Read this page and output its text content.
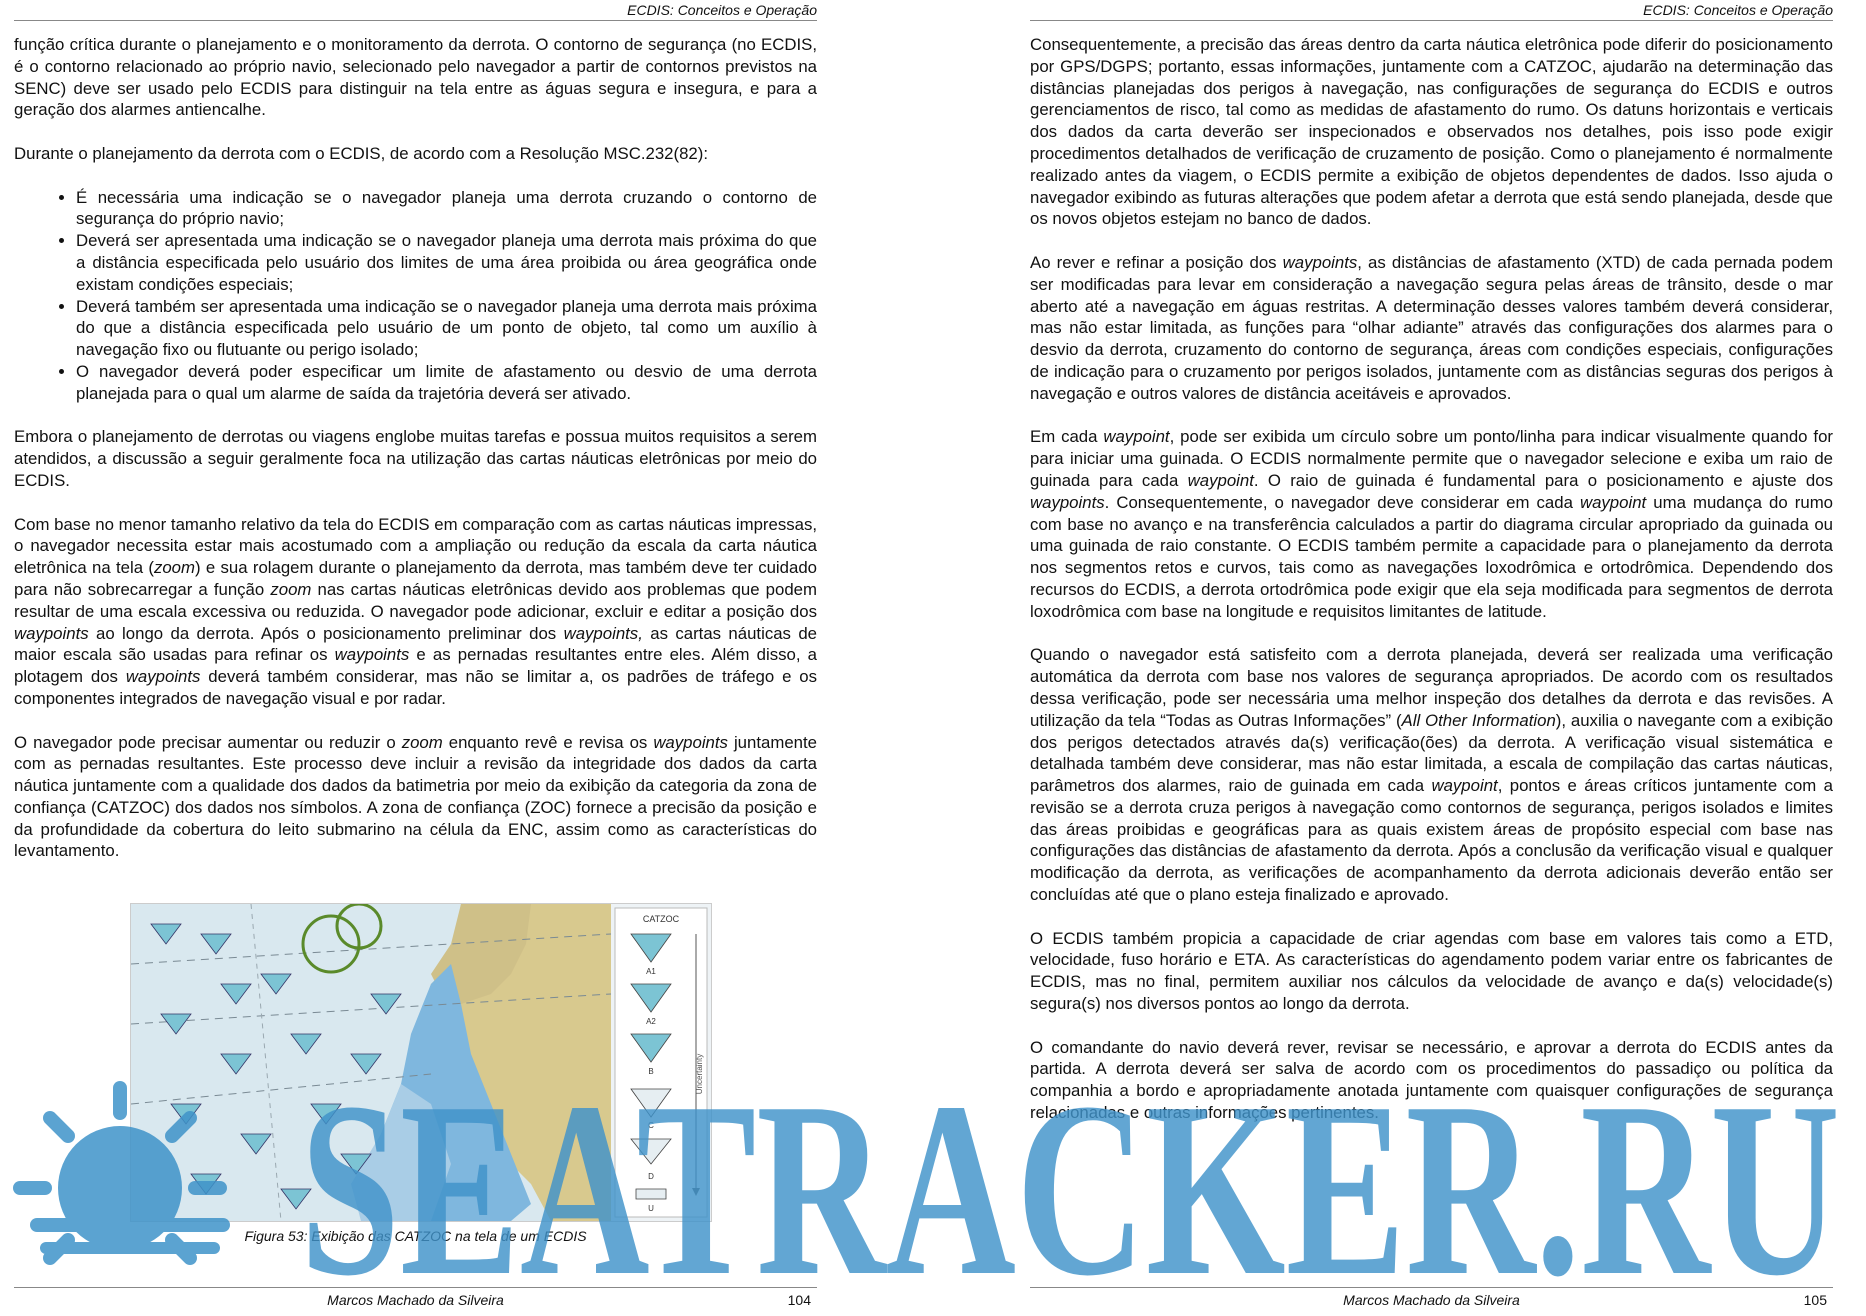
ECDIS: Conceitos e Operação

função crítica durante o planejamento e o monitoramento da derrota. O contorno de segurança (no ECDIS, é o contorno relacionado ao próprio navio, selecionado pelo navegador a partir de contornos previstos na SENC) deve ser usado pelo ECDIS para distinguir na tela entre as águas segura e insegura, e para a geração dos alarmes antiencalhe.

Durante o planejamento da derrota com o ECDIS, de acordo com a Resolução MSC.232(82):

• É necessária uma indicação se o navegador planeja uma derrota cruzando o contorno de segurança do próprio navio;
• Deverá ser apresentada uma indicação se o navegador planeja uma derrota mais próxima do que a distância especificada pelo usuário dos limites de uma área proibida ou área geográfica onde existam condições especiais;
• Deverá também ser apresentada uma indicação se o navegador planeja uma derrota mais próxima do que a distância especificada pelo usuário de um ponto de objeto, tal como um auxílio à navegação fixo ou flutuante ou perigo isolado;
• O navegador deverá poder especificar um limite de afastamento ou desvio de uma derrota planejada para o qual um alarme de saída da trajetória deverá ser ativado.

Embora o planejamento de derrotas ou viagens englobe muitas tarefas e possua muitos requisitos a serem atendidos, a discussão a seguir geralmente foca na utilização das cartas náuticas eletrônicas por meio do ECDIS.

Com base no menor tamanho relativo da tela do ECDIS em comparação com as cartas náuticas impressas, o navegador necessita estar mais acostumado com a ampliação ou redução da escala da carta náutica eletrônica na tela (zoom) e sua rolagem durante o planejamento da derrota, mas também deve ter cuidado para não sobrecarregar a função zoom nas cartas náuticas eletrônicas devido aos problemas que podem resultar de uma escala excessiva ou reduzida. O navegador pode adicionar, excluir e editar a posição dos waypoints ao longo da derrota. Após o posicionamento preliminar dos waypoints, as cartas náuticas de maior escala são usadas para refinar os waypoints e as pernadas resultantes entre eles. Além disso, a plotagem dos waypoints deverá também considerar, mas não se limitar a, os padrões de tráfego e os componentes integrados de navegação visual e por radar.

O navegador pode precisar aumentar ou reduzir o zoom enquanto revê e revisa os waypoints juntamente com as pernadas resultantes. Este processo deve incluir a revisão da integridade dos dados da carta náutica juntamente com a qualidade dos dados da batimetria por meio da exibição da categoria da zona de confiança (CATZOC) dos dados nos símbolos. A zona de confiança (ZOC) fornece a precisão da posição e da profundidade da cobertura do leito submarino na célula da ENC, assim como as características do levantamento.

CATZOC
A1
A2
B
C
D
U
Uncertainty
Figura 53: Exibição das CATZOC na tela de um ECDIS
Marcos Machado da Silveira	104
ECDIS: Conceitos e Operação

Consequentemente, a precisão das áreas dentro da carta náutica eletrônica pode diferir do posicionamento por GPS/DGPS; portanto, essas informações, juntamente com a CATZOC, ajudarão na determinação das distâncias planejadas dos perigos à navegação, nas configurações de segurança do ECDIS e outros gerenciamentos de risco, tal como as medidas de afastamento do rumo. Os datuns horizontais e verticais dos dados da carta deverão ser inspecionados e observados nos detalhes, pois isso pode exigir procedimentos detalhados de verificação de cruzamento de posição. Como o planejamento é normalmente realizado antes da viagem, o ECDIS permite a exibição de objetos dependentes de dados. Isso ajuda o navegador exibindo as futuras alterações que podem afetar a derrota que está sendo planejada, desde que os novos objetos estejam no banco de dados.

Ao rever e refinar a posição dos waypoints, as distâncias de afastamento (XTD) de cada pernada podem ser modificadas para levar em consideração a navegação segura pelas áreas de trânsito, desde o mar aberto até a navegação em águas restritas. A determinação desses valores também deverá considerar, mas não estar limitada, as funções para “olhar adiante” através das configurações dos alarmes para o desvio da derrota, cruzamento do contorno de segurança, áreas com condições especiais, configurações de indicação para o cruzamento por perigos isolados, juntamente com as distâncias seguras dos perigos à navegação e outros valores de distância aceitáveis e aprovados.

Em cada waypoint, pode ser exibida um círculo sobre um ponto/linha para indicar visualmente quando for para iniciar uma guinada. O ECDIS normalmente permite que o navegador selecione e exiba um raio de guinada para cada waypoint. O raio de guinada é fundamental para o posicionamento e ajuste dos waypoints. Consequentemente, o navegador deve considerar em cada waypoint uma mudança do rumo com base no avanço e na transferência calculados a partir do diagrama circular apropriado da guinada ou uma guinada de raio constante. O ECDIS também permite a capacidade para o planejamento da derrota nos segmentos retos e curvos, tais como as navegações loxodrômica e ortodrômica. Dependendo dos recursos do ECDIS, a derrota ortodrômica pode exigir que ela seja modificada para segmentos de derrota loxodrômica com base na longitude e requisitos limitantes de latitude.

Quando o navegador está satisfeito com a derrota planejada, deverá ser realizada uma verificação automática da derrota com base nos valores de segurança apropriados. De acordo com os resultados dessa verificação, pode ser necessária uma melhor inspeção dos detalhes da derrota e das revisões. A utilização da tela “Todas as Outras Informações” (All Other Information), auxilia o navegante com a exibição dos perigos detectados através da(s) verificação(ões) da derrota. A verificação visual sistemática e detalhada também deve considerar, mas não estar limitada, a escala de compilação das cartas náuticas, parâmetros dos alarmes, raio de guinada em cada waypoint, pontos e áreas críticos juntamente com a revisão se a derrota cruza perigos à navegação como contornos de segurança, perigos isolados e limites das áreas proibidas e geográficas para as quais existem áreas de propósito especial com base nas configurações das distâncias de afastamento da derrota. Após a conclusão da verificação visual e qualquer modificação da derrota, as verificações de acompanhamento da derrota adicionais deverão então ser concluídas até que o plano esteja finalizado e aprovado.

O ECDIS também propicia a capacidade de criar agendas com base em valores tais como a ETD, velocidade, fuso horário e ETA. As características do agendamento podem variar entre os fabricantes de ECDIS, mas no final, permitem auxiliar nos cálculos da velocidade de avanço e da(s) velocidade(s) segura(s) nos diversos pontos ao longo da derrota.

O comandante do navio deverá rever, revisar se necessário, e aprovar a derrota do ECDIS antes da partida. A derrota deverá ser salva de acordo com os procedimentos do passadiço ou política da companhia a bordo e apropriadamente anotada juntamente com quaisquer configurações de segurança relacionadas e outras informações pertinentes.

Marcos Machado da Silveira	105
SEATRACKER.RU
